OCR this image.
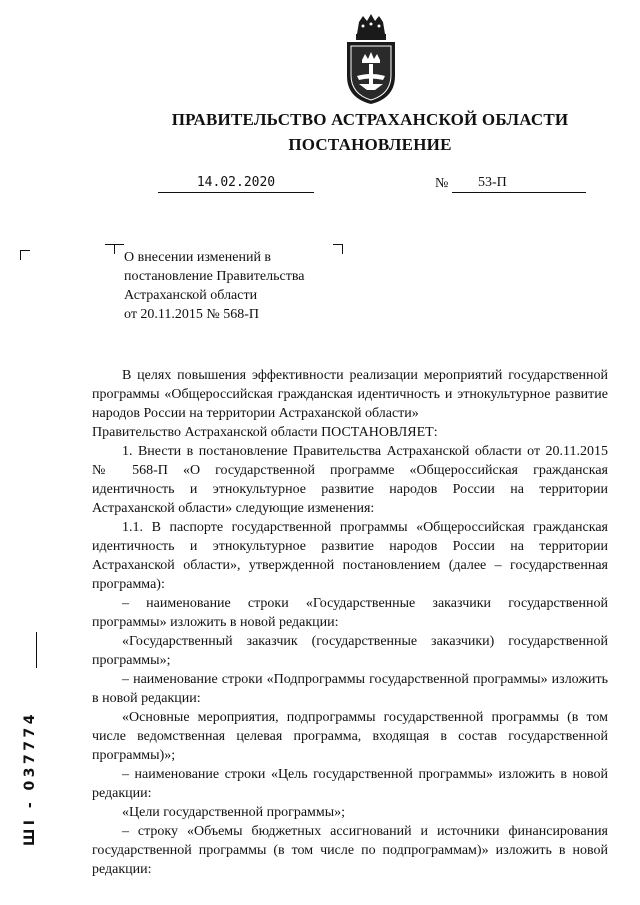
ПРАВИТЕЛЬСТВО АСТРАХАНСКОЙ ОБЛАСТИ
ПОСТАНОВЛЕНИЕ
14.02.2020	№ 53-П
О внесении изменений в
постановление Правительства
Астраханской области
от 20.11.2015 № 568-П

В целях повышения эффективности реализации мероприятий государственной программы «Общероссийская гражданская идентичность и этнокультурное развитие народов России на территории Астраханской области»

Правительство Астраханской области ПОСТАНОВЛЯЕТ:

1. Внести в постановление Правительства Астраханской области от 20.11.2015 № 568-П «О государственной программе «Общероссийская гражданская идентичность и этнокультурное развитие народов России на территории Астраханской области» следующие изменения:

1.1. В паспорте государственной программы «Общероссийская гражданская идентичность и этнокультурное развитие народов России на территории Астраханской области», утвержденной постановлением (далее – государственная программа):

– наименование строки «Государственные заказчики государственной программы» изложить в новой редакции:

«Государственный заказчик (государственные заказчики) государственной программы»;

– наименование строки «Подпрограммы государственной программы» изложить в новой редакции:

«Основные мероприятия, подпрограммы государственной программы (в том числе ведомственная целевая программа, входящая в состав государственной программы)»;

– наименование строки «Цель государственной программы» изложить в новой редакции:

«Цели государственной программы»;

– строку «Объемы бюджетных ассигнований и источники финансирования государственной программы (в том числе по подпрограммам)» изложить в новой редакции:

ШI - 037774
